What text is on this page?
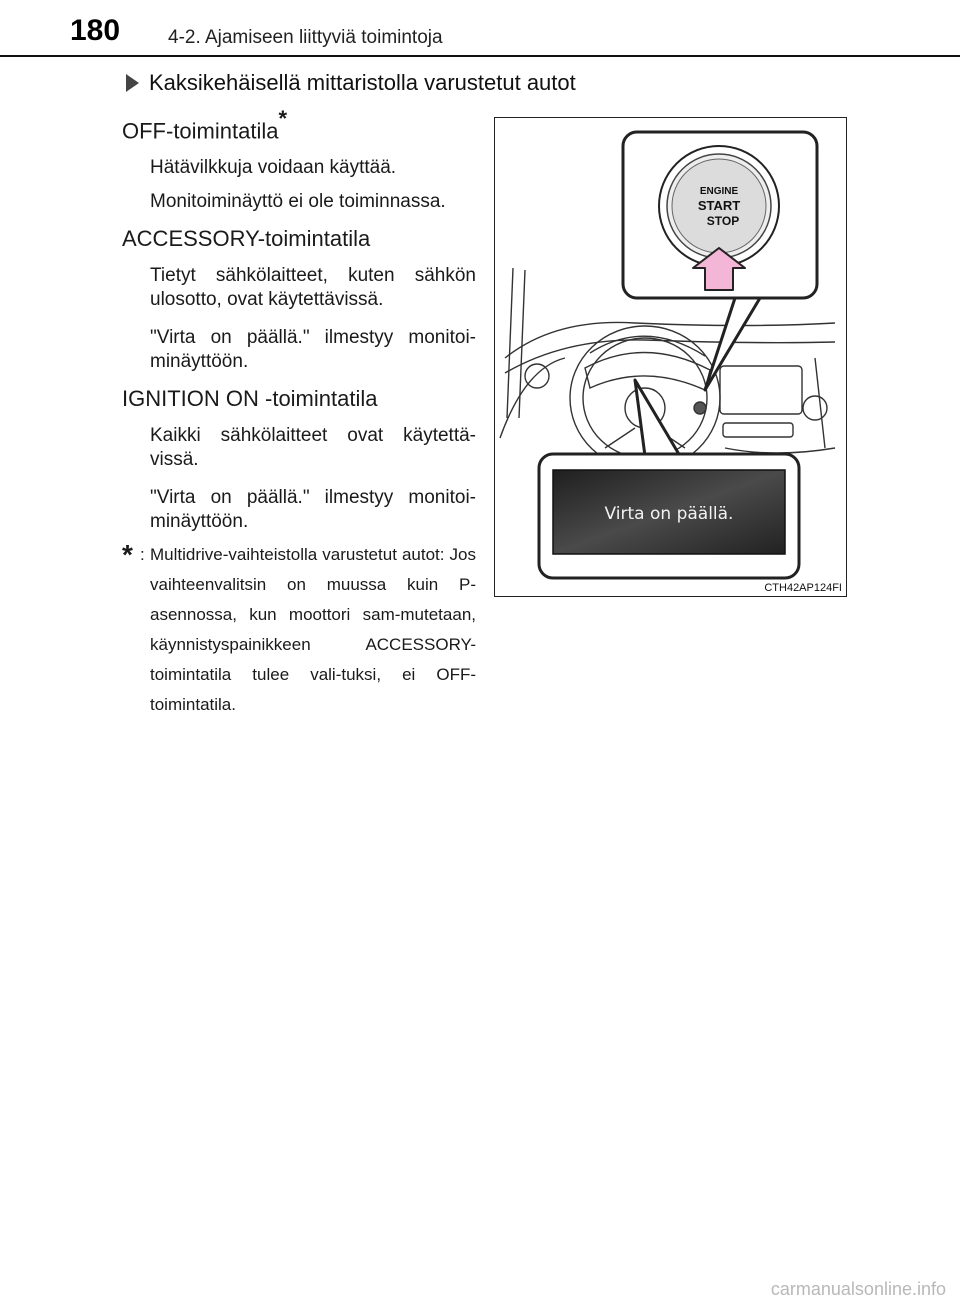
180	4-2. Ajamiseen liittyviä toimintoja
Kaksikehäisellä mittaristolla varustetut autot
OFF-toimintatila*

Hätävilkkuja voidaan käyttää.

Monitoiminäyttö ei ole toiminnassa.

ACCESSORY-toimintatila

Tietyt sähkölaitteet, kuten sähkön ulosotto, ovat käytettävissä.

"Virta on päällä." ilmestyy monitoi-minäyttöön.

IGNITION ON -toimintatila

Kaikki sähkölaitteet ovat käytettä-vissä.

"Virta on päällä." ilmestyy monitoi-minäyttöön.

* : Multidrive-vaihteistolla varustetut autot: Jos vaihteenvalitsin on muussa kuin P-asennossa, kun moottori sam-mutetaan, käynnistyspainikkeen ACCESSORY-toimintatila tulee vali-tuksi, ei OFF-toimintatila.
ENGINE
START
STOP
Virta on päällä.
CTH42AP124FI
carmanualsonline.info
